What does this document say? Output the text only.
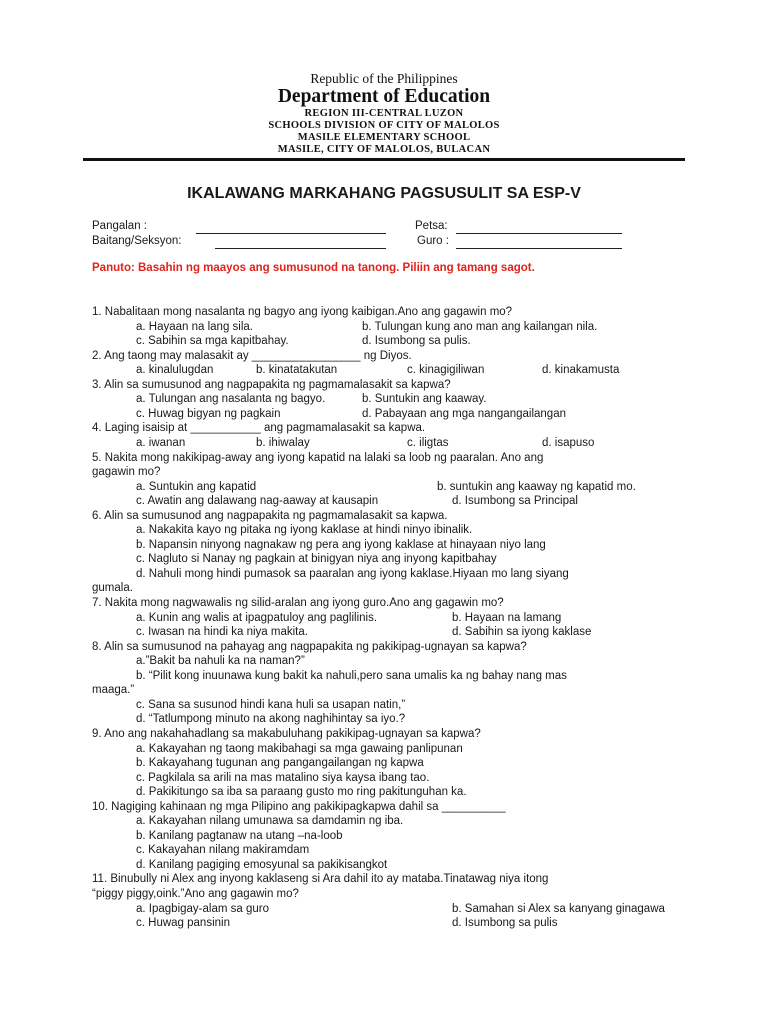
Republic of the Philippines
Department of Education
REGION III-CENTRAL LUZON
SCHOOLS DIVISION OF CITY OF MALOLOS
MASILE ELEMENTARY SCHOOL
MASILE, CITY OF MALOLOS, BULACAN
IKALAWANG MARKAHANG PAGSUSULIT SA ESP-V
Pangalan :	Petsa:
Baitang/Seksyon:	Guro :
Panuto: Basahin ng maayos ang sumusunod na tanong. Piliin ang tamang sagot.
1. Nabalitaan mong nasalanta ng bagyo ang iyong kaibigan.Ano ang gagawin mo?
a. Hayaan na lang sila.	b. Tulungan kung ano man ang kailangan nila.
c. Sabihin sa mga kapitbahay.	d. Isumbong sa pulis.
2. Ang taong may malasakit ay _________________ ng Diyos.
a. kinalulugdan	b. kinatatakutan	c. kinagigiliwan	d. kinakamusta
3. Alin sa sumusunod ang nagpapakita ng pagmamalasakit sa kapwa?
a. Tulungan ang nasalanta ng bagyo.	b. Suntukin ang kaaway.
c. Huwag bigyan ng pagkain	d. Pabayaan ang mga nangangailangan
4. Laging isaisip at ___________ ang pagmamalasakit sa kapwa.
a. iwanan	b. ihiwalay	c. iligtas	d. isapuso
5. Nakita mong nakikipag-away ang iyong kapatid na lalaki sa loob ng paaralan. Ano ang
gagawin mo?
a. Suntukin ang kapatid	b. suntukin ang kaaway ng kapatid mo.
c. Awatin ang dalawang nag-aaway at kausapin	d. Isumbong sa Principal
6. Alin sa sumusunod ang nagpapakita ng pagmamalasakit sa kapwa.
a. Nakakita kayo ng pitaka ng iyong kaklase at hindi ninyo ibinalik.
b. Napansin ninyong nagnakaw ng pera ang iyong kaklase at hinayaan niyo lang
c. Nagluto si Nanay ng pagkain at binigyan niya ang inyong kapitbahay
d. Nahuli mong hindi pumasok sa paaralan ang iyong kaklase.Hiyaan mo lang siyang
gumala.
7. Nakita mong nagwawalis ng silid-aralan ang iyong guro.Ano ang gagawin mo?
a. Kunin ang walis at ipagpatuloy ang paglilinis.	b. Hayaan na lamang
c. Iwasan na hindi ka niya makita.	d. Sabihin sa iyong kaklase
8. Alin sa sumusunod na pahayag ang nagpapakita ng pakikipag-ugnayan sa kapwa?
a.”Bakit ba nahuli ka na naman?”
b. “Pilit kong inuunawa kung bakit ka nahuli,pero sana umalis ka ng bahay nang mas
maaga.”
c. Sana sa susunod hindi kana huli sa usapan natin,”
d. “Tatlumpong minuto na akong naghihintay sa iyo.?
9. Ano ang nakahahadlang sa makabuluhang pakikipag-ugnayan sa kapwa?
a. Kakayahan ng taong makibahagi sa mga gawaing panlipunan
b. Kakayahang tugunan ang pangangailangan ng kapwa
c. Pagkilala sa arili na mas matalino siya kaysa ibang tao.
d. Pakikitungo sa iba sa paraang gusto mo ring pakitunguhan ka.
10. Nagiging kahinaan ng mga Pilipino ang pakikipagkapwa dahil sa __________
a. Kakayahan nilang umunawa sa damdamin ng iba.
b. Kanilang pagtanaw na utang –na-loob
c. Kakayahan nilang makiramdam
d. Kanilang pagiging emosyunal sa pakikisangkot
11. Binubully ni Alex ang inyong kaklaseng si Ara dahil ito ay mataba.Tinatawag niya itong
“piggy piggy,oink.”Ano ang gagawin mo?
a. Ipagbigay-alam sa guro	b. Samahan si Alex sa kanyang ginagawa
c. Huwag pansinin	d. Isumbong sa pulis
